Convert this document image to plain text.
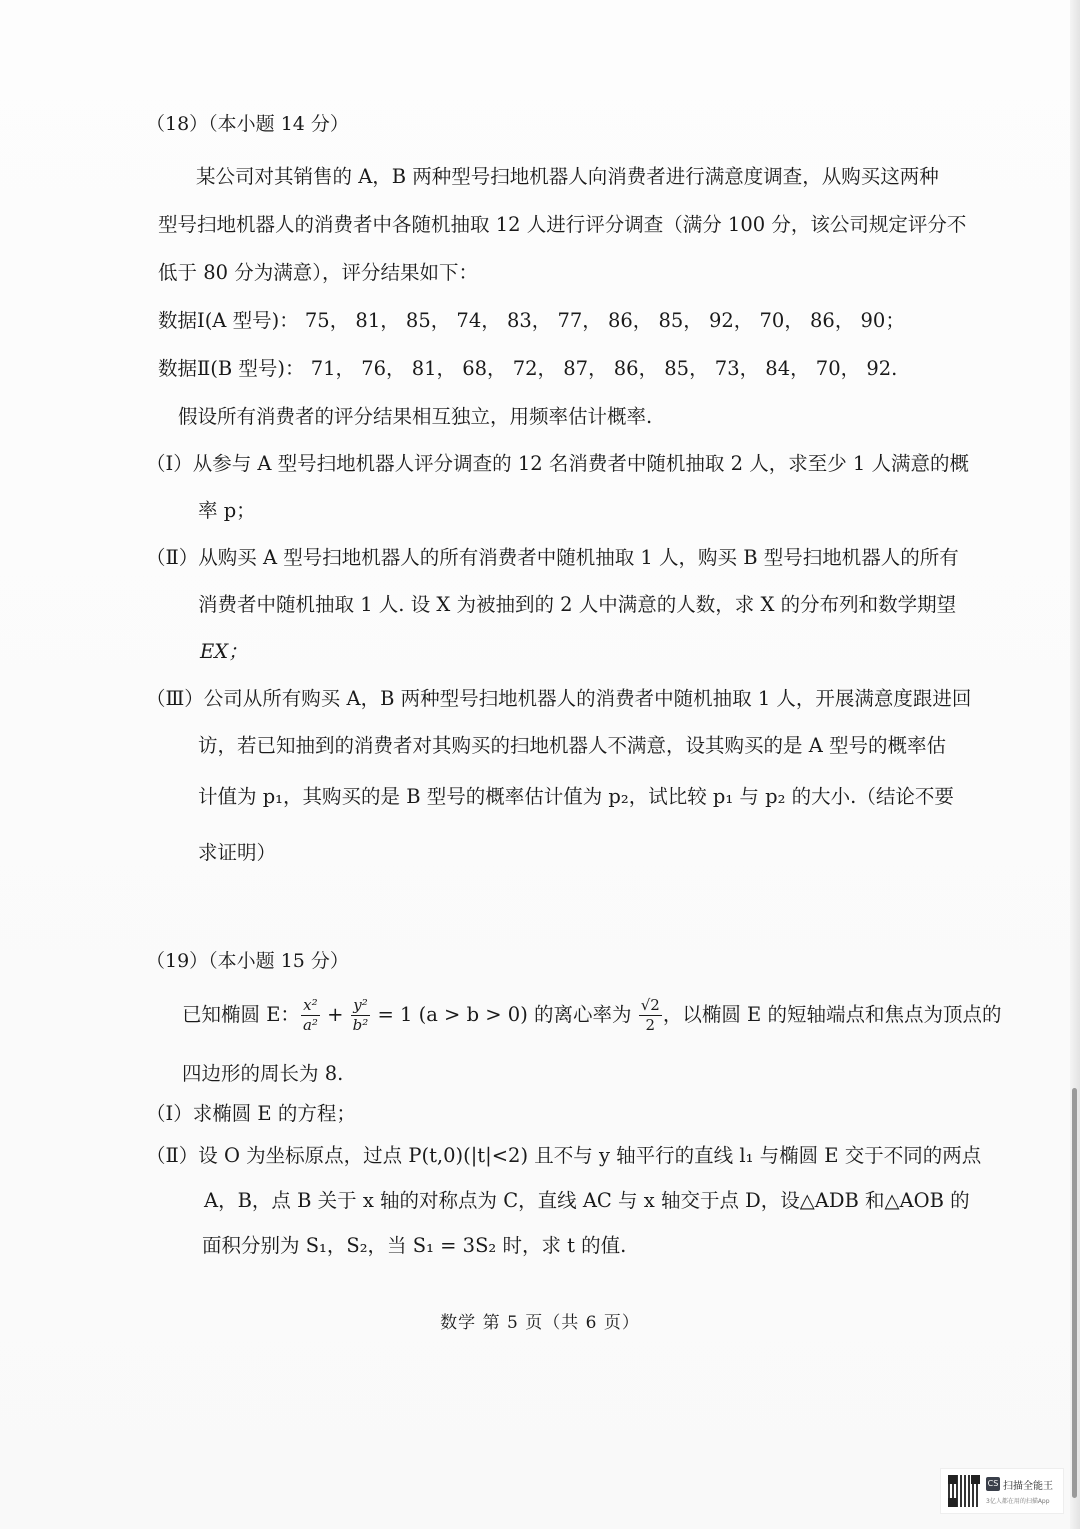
（18）（本小题 14 分）
某公司对其销售的 A，B 两种型号扫地机器人向消费者进行满意度调查，从购买这两种
型号扫地机器人的消费者中各随机抽取 12 人进行评分调查（满分 100 分，该公司规定评分不
低于 80 分为满意），评分结果如下：
数据Ⅰ(A 型号)： 75， 81， 85， 74， 83， 77， 86， 85， 92， 70， 86， 90；
数据Ⅱ(B 型号)： 71， 76， 81， 68， 72， 87， 86， 85， 73， 84， 70， 92.
假设所有消费者的评分结果相互独立，用频率估计概率.
（Ⅰ）从参与 A 型号扫地机器人评分调查的 12 名消费者中随机抽取 2 人，求至少 1 人满意的概
率 p；
（Ⅱ）从购买 A 型号扫地机器人的所有消费者中随机抽取 1 人，购买 B 型号扫地机器人的所有
消费者中随机抽取 1 人. 设 X 为被抽到的 2 人中满意的人数，求 X 的分布列和数学期望
EX；
（Ⅲ）公司从所有购买 A，B 两种型号扫地机器人的消费者中随机抽取 1 人，开展满意度跟进回
访，若已知抽到的消费者对其购买的扫地机器人不满意，设其购买的是 A 型号的概率估
计值为 p₁，其购买的是 B 型号的概率估计值为 p₂，试比较 p₁ 与 p₂ 的大小.（结论不要
求证明）
（19）（本小题 15 分）
已知椭圆 E： $\frac{\text{x²}}{\text{a²}} + \frac{\text{y²}}{\text{b²}} = 1$ (a > b > 0) 的离心率为 $\frac{√2}{2}$ ，以椭圆 E 的短轴端点和焦点为顶点的
四边形的周长为 8.
（Ⅰ）求椭圆 E 的方程；
（Ⅱ）设 O 为坐标原点，过点 P(t,0)(|t|<2) 且不与 y 轴平行的直线 l₁ 与椭圆 E 交于不同的两点
A，B，点 B 关于 x 轴的对称点为 C，直线 AC 与 x 轴交于点 D，设△ADB 和△AOB 的
面积分别为 S₁，S₂，当 S₁ = 3S₂ 时，求 t 的值.
数学 第 5 页（共 6 页）
CS 扫描全能王
3亿人都在用的扫描App
